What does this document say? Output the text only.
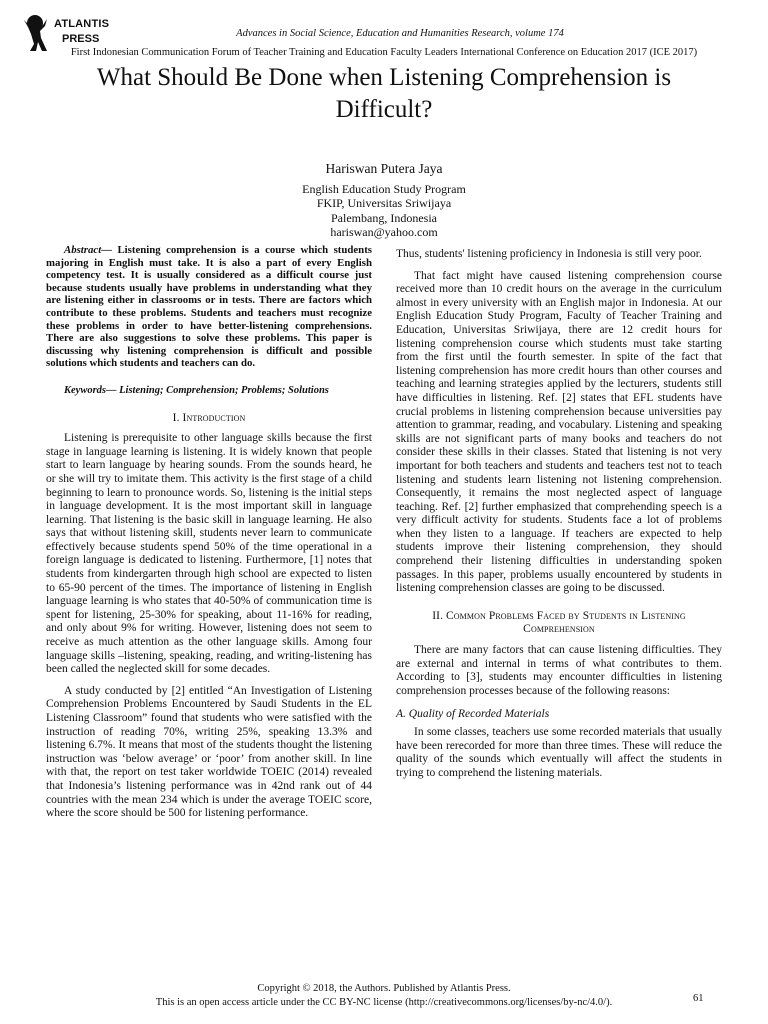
ATLANTIS
PRESS	Advances in Social Science, Education and Humanities Research, volume 174
First Indonesian Communication Forum of Teacher Training and Education Faculty Leaders International Conference on Education 2017 (ICE 2017)
What Should Be Done when Listening Comprehension is Difficult?
Hariswan Putera Jaya
English Education Study Program
FKIP, Universitas Sriwijaya
Palembang, Indonesia
hariswan@yahoo.com

Abstract— Listening comprehension is a course which students majoring in English must take. It is also a part of every English competency test. It is usually considered as a difficult course just because students usually have problems in understanding what they are listening either in classrooms or in tests. There are factors which contribute to these problems. Students and teachers must recognize these problems in order to have better-listening comprehensions. There are also suggestions to solve these problems. This paper is discussing why listening comprehension is difficult and possible solutions which students and teachers can do.

Keywords— Listening; Comprehension; Problems; Solutions

I. Introduction

Listening is prerequisite to other language skills because the first stage in language learning is listening. It is widely known that people start to learn language by hearing sounds. From the sounds heard, he or she will try to imitate them. This activity is the first stage of a child beginning to learn to pronounce words. So, listening is the initial steps in language development. It is the most important skill in language learning. That listening is the basic skill in language learning. He also says that without listening skill, students never learn to communicate effectively because students spend 50% of the time operational in a foreign language is dedicated to listening. Furthermore, [1] notes that students from kindergarten through high school are expected to listen to 65-90 percent of the times. The importance of listening in English language learning is who states that 40-50% of communication time is spent for listening, 25-30% for speaking, about 11-16% for reading, and only about 9% for writing. However, listening does not seem to receive as much attention as the other language skills. Among four language skills –listening, speaking, reading, and writing-listening has been called the neglected skill for some decades.

A study conducted by [2] entitled “An Investigation of Listening Comprehension Problems Encountered by Saudi Students in the EL Listening Classroom” found that students who were satisfied with the instruction of reading 70%, writing 25%, speaking 13.3% and listening 6.7%. It means that most of the students thought the listening instruction was ‘below average’ or ‘poor’ from another skill. In line with that, the report on test taker worldwide TOEIC (2014) revealed that Indonesia’s listening performance was in 42nd rank out of 44 countries with the mean 234 which is under the average TOEIC score, where the score should be 500 for listening performance.

Thus, students' listening proficiency in Indonesia is still very poor.

That fact might have caused listening comprehension course received more than 10 credit hours on the average in the curriculum almost in every university with an English major in Indonesia. At our English Education Study Program, Faculty of Teacher Training and Education, Universitas Sriwijaya, there are 12 credit hours for listening comprehension course which students must take starting from the first until the fourth semester. In spite of the fact that listening comprehension has more credit hours than other courses and teaching and learning strategies applied by the lecturers, students still have difficulties in listening. Ref. [2] states that EFL students have crucial problems in listening comprehension because universities pay attention to grammar, reading, and vocabulary. Listening and speaking skills are not significant parts of many books and teachers do not consider these skills in their classes. Stated that listening is not very important for both teachers and students and teachers test not to teach listening and students learn listening not listening comprehension. Consequently, it remains the most neglected aspect of language teaching. Ref. [2] further emphasized that comprehending speech is a very difficult activity for students. Students face a lot of problems when they listen to a language. If teachers are expected to help students improve their listening comprehension, they should comprehend their listening difficulties in understanding spoken passages. In this paper, problems usually encountered by students in listening comprehension classes are going to be discussed.

II. Common Problems Faced by Students in Listening
Comprehension

There are many factors that can cause listening difficulties. They are external and internal in terms of what contributes to them. According to [3], students may encounter difficulties in listening comprehension processes because of the following reasons:

A. Quality of Recorded Materials

In some classes, teachers use some recorded materials that usually have been rerecorded for more than three times. These will reduce the quality of the sounds which eventually will affect the students in trying to comprehend the listening materials.

Copyright © 2018, the Authors. Published by Atlantis Press.
This is an open access article under the CC BY-NC license (http://creativecommons.org/licenses/by-nc/4.0/).	61
